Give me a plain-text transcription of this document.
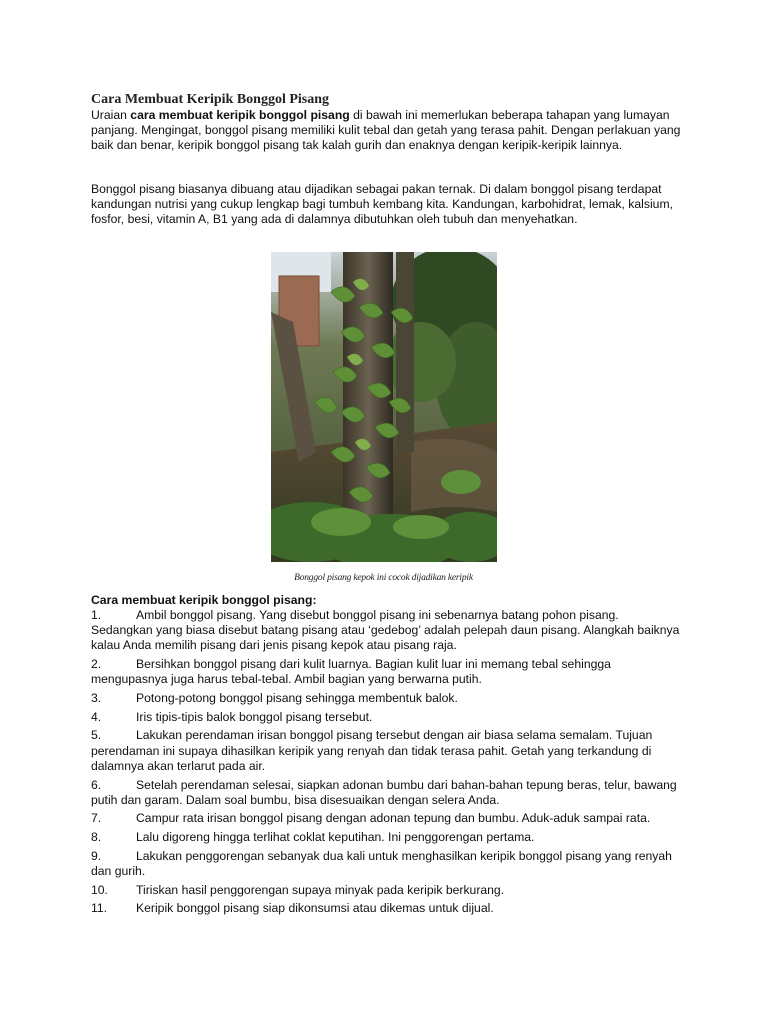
Cara Membuat Keripik Bonggol Pisang

Uraian cara membuat keripik bonggol pisang di bawah ini memerlukan beberapa tahapan yang lumayan panjang. Mengingat, bonggol pisang memiliki kulit tebal dan getah yang terasa pahit. Dengan perlakuan yang baik dan benar, keripik bonggol pisang tak kalah gurih dan enaknya dengan keripik-keripik lainnya.

Bonggol pisang biasanya dibuang atau dijadikan sebagai pakan ternak. Di dalam bonggol pisang terdapat kandungan nutrisi yang cukup lengkap bagi tumbuh kembang kita. Kandungan, karbohidrat, lemak, kalsium, fosfor, besi, vitamin A, B1 yang ada di dalamnya dibutuhkan oleh tubuh dan menyehatkan.

Bonggol pisang kepok ini cocok dijadikan keripik

Cara membuat keripik bonggol pisang:

1.	Ambil bonggol pisang. Yang disebut bonggol pisang ini sebenarnya batang pohon pisang. Sedangkan yang biasa disebut batang pisang atau ‘gedebog’ adalah pelepah daun pisang. Alangkah baiknya kalau Anda memilih pisang dari jenis pisang kepok atau pisang raja.

2.	Bersihkan bonggol pisang dari kulit luarnya. Bagian kulit luar ini memang tebal sehingga mengupasnya juga harus tebal-tebal. Ambil bagian yang berwarna putih.

3.	Potong-potong bonggol pisang sehingga membentuk balok.

4.	Iris tipis-tipis balok bonggol pisang tersebut.

5.	Lakukan perendaman irisan bonggol pisang tersebut dengan air biasa selama semalam. Tujuan perendaman ini supaya dihasilkan keripik yang renyah dan tidak terasa pahit. Getah yang terkandung di dalamnya akan terlarut pada air.

6.	Setelah perendaman selesai, siapkan adonan bumbu dari bahan-bahan tepung beras, telur, bawang putih dan garam. Dalam soal bumbu, bisa disesuaikan dengan selera Anda.

7.	Campur rata irisan bonggol pisang dengan adonan tepung dan bumbu. Aduk-aduk sampai rata.

8.	Lalu digoreng hingga terlihat coklat keputihan. Ini penggorengan pertama.

9.	Lakukan penggorengan sebanyak dua kali untuk menghasilkan keripik bonggol pisang yang renyah dan gurih.

10. Tiriskan hasil penggorengan supaya minyak pada keripik berkurang.

11. Keripik bonggol pisang siap dikonsumsi atau dikemas untuk dijual.
